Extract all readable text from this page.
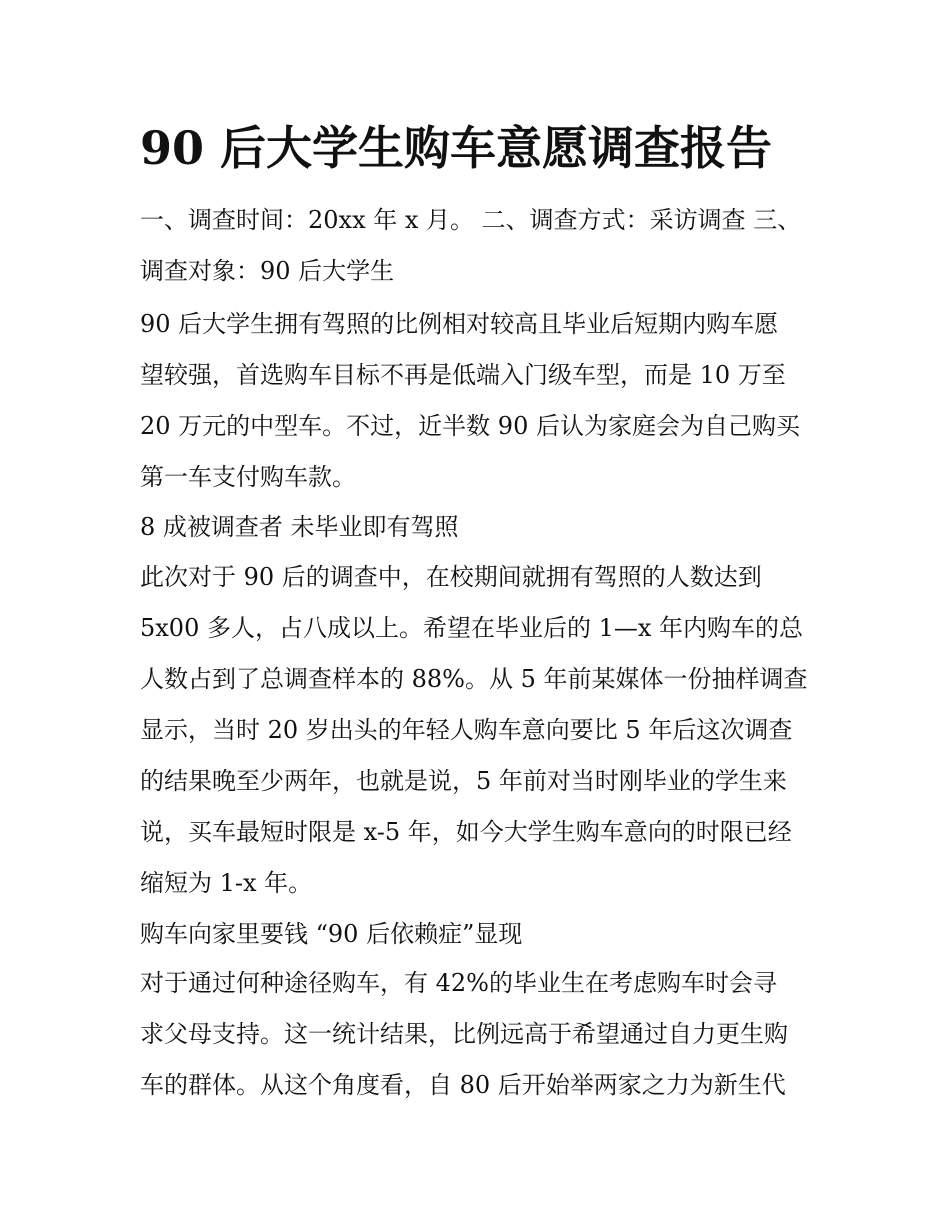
90 后大学生购车意愿调查报告

一、调查时间：20xx 年 x 月。 二、调查方式：采访调查 三、
调查对象：90 后大学生

90 后大学生拥有驾照的比例相对较高且毕业后短期内购车愿
望较强，首选购车目标不再是低端入门级车型，而是 10 万至
20 万元的中型车。不过，近半数 90 后认为家庭会为自己购买
第一车支付购车款。

8 成被调查者 未毕业即有驾照

此次对于 90 后的调查中，在校期间就拥有驾照的人数达到
5x00 多人，占八成以上。希望在毕业后的 1—x 年内购车的总
人数占到了总调查样本的 88%。从 5 年前某媒体一份抽样调查
显示，当时 20 岁出头的年轻人购车意向要比 5 年后这次调查
的结果晚至少两年，也就是说，5 年前对当时刚毕业的学生来
说，买车最短时限是 x-5 年，如今大学生购车意向的时限已经
缩短为 1-x 年。

购车向家里要钱 “90 后依赖症”显现

对于通过何种途径购车，有 42%的毕业生在考虑购车时会寻
求父母支持。这一统计结果，比例远高于希望通过自力更生购
车的群体。从这个角度看，自 80 后开始举两家之力为新生代
